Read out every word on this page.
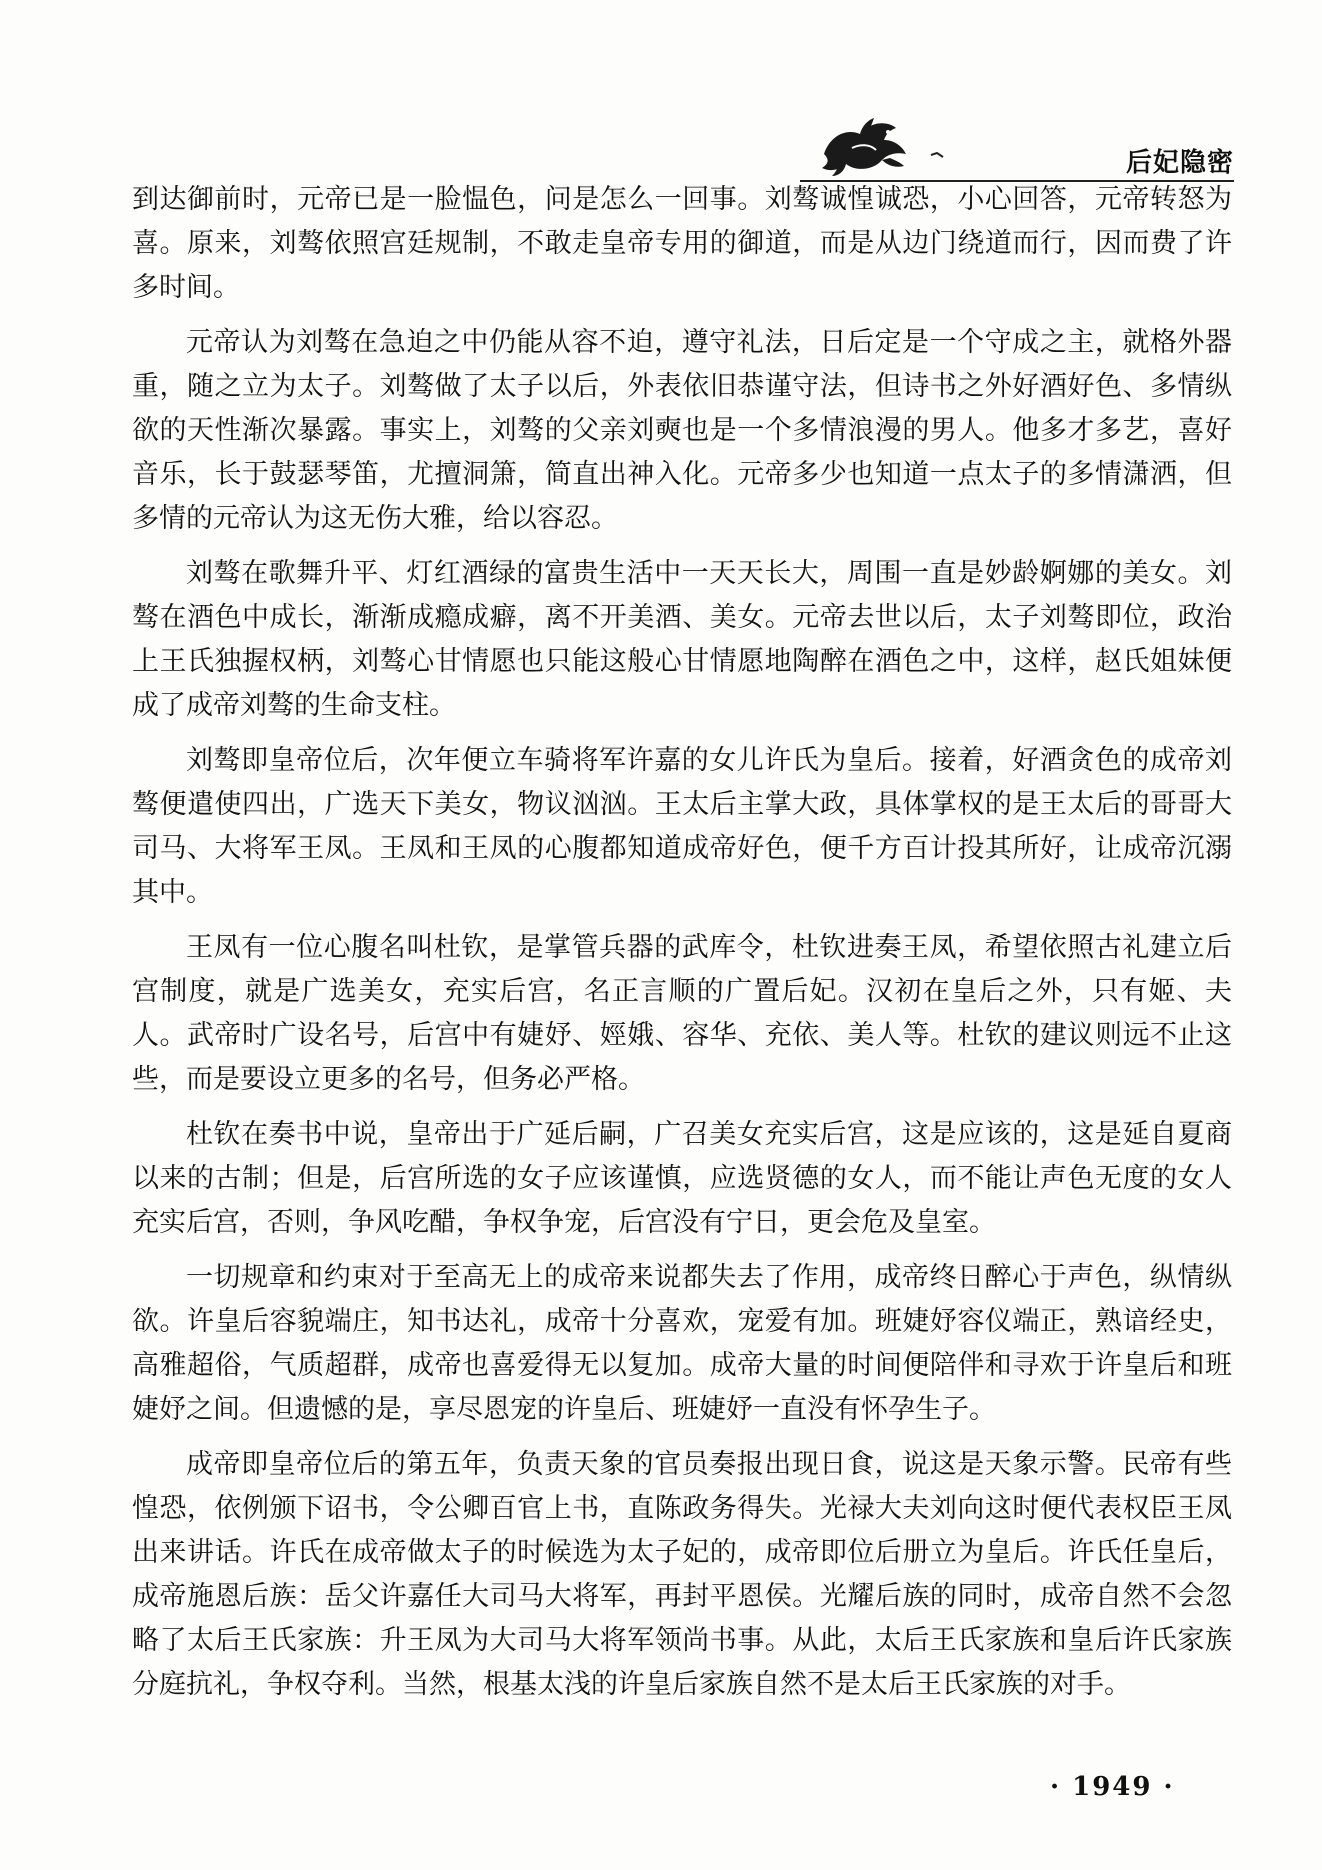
后妃隐密

到达御前时，元帝已是一脸愠色，问是怎么一回事。刘骜诚惶诚恐，小心回答，元帝转怒为喜。原来，刘骜依照宫廷规制，不敢走皇帝专用的御道，而是从边门绕道而行，因而费了许多时间。

元帝认为刘骜在急迫之中仍能从容不迫，遵守礼法，日后定是一个守成之主，就格外器重，随之立为太子。刘骜做了太子以后，外表依旧恭谨守法，但诗书之外好酒好色、多情纵欲的天性渐次暴露。事实上，刘骜的父亲刘奭也是一个多情浪漫的男人。他多才多艺，喜好音乐，长于鼓瑟琴笛，尤擅洞箫，简直出神入化。元帝多少也知道一点太子的多情潇洒，但多情的元帝认为这无伤大雅，给以容忍。

刘骜在歌舞升平、灯红酒绿的富贵生活中一天天长大，周围一直是妙龄婀娜的美女。刘骜在酒色中成长，渐渐成瘾成癖，离不开美酒、美女。元帝去世以后，太子刘骜即位，政治上王氏独握权柄，刘骜心甘情愿也只能这般心甘情愿地陶醉在酒色之中，这样，赵氏姐妹便成了成帝刘骜的生命支柱。

刘骜即皇帝位后，次年便立车骑将军许嘉的女儿许氏为皇后。接着，好酒贪色的成帝刘骜便遣使四出，广选天下美女，物议汹汹。王太后主掌大政，具体掌权的是王太后的哥哥大司马、大将军王凤。王凤和王凤的心腹都知道成帝好色，便千方百计投其所好，让成帝沉溺其中。

王凤有一位心腹名叫杜钦，是掌管兵器的武库令，杜钦进奏王凤，希望依照古礼建立后宫制度，就是广选美女，充实后宫，名正言顺的广置后妃。汉初在皇后之外，只有姬、夫人。武帝时广设名号，后宫中有婕妤、娙娥、容华、充依、美人等。杜钦的建议则远不止这些，而是要设立更多的名号，但务必严格。

杜钦在奏书中说，皇帝出于广延后嗣，广召美女充实后宫，这是应该的，这是延自夏商以来的古制；但是，后宫所选的女子应该谨慎，应选贤德的女人，而不能让声色无度的女人充实后宫，否则，争风吃醋，争权争宠，后宫没有宁日，更会危及皇室。

一切规章和约束对于至高无上的成帝来说都失去了作用，成帝终日醉心于声色，纵情纵欲。许皇后容貌端庄，知书达礼，成帝十分喜欢，宠爱有加。班婕妤容仪端正，熟谙经史，高雅超俗，气质超群，成帝也喜爱得无以复加。成帝大量的时间便陪伴和寻欢于许皇后和班婕妤之间。但遗憾的是，享尽恩宠的许皇后、班婕妤一直没有怀孕生子。

成帝即皇帝位后的第五年，负责天象的官员奏报出现日食，说这是天象示警。民帝有些惶恐，依例颁下诏书，令公卿百官上书，直陈政务得失。光禄大夫刘向这时便代表权臣王凤出来讲话。许氏在成帝做太子的时候选为太子妃的，成帝即位后册立为皇后。许氏任皇后，成帝施恩后族：岳父许嘉任大司马大将军，再封平恩侯。光耀后族的同时，成帝自然不会忽略了太后王氏家族：升王凤为大司马大将军领尚书事。从此，太后王氏家族和皇后许氏家族分庭抗礼，争权夺利。当然，根基太浅的许皇后家族自然不是太后王氏家族的对手。

· 1949 ·
